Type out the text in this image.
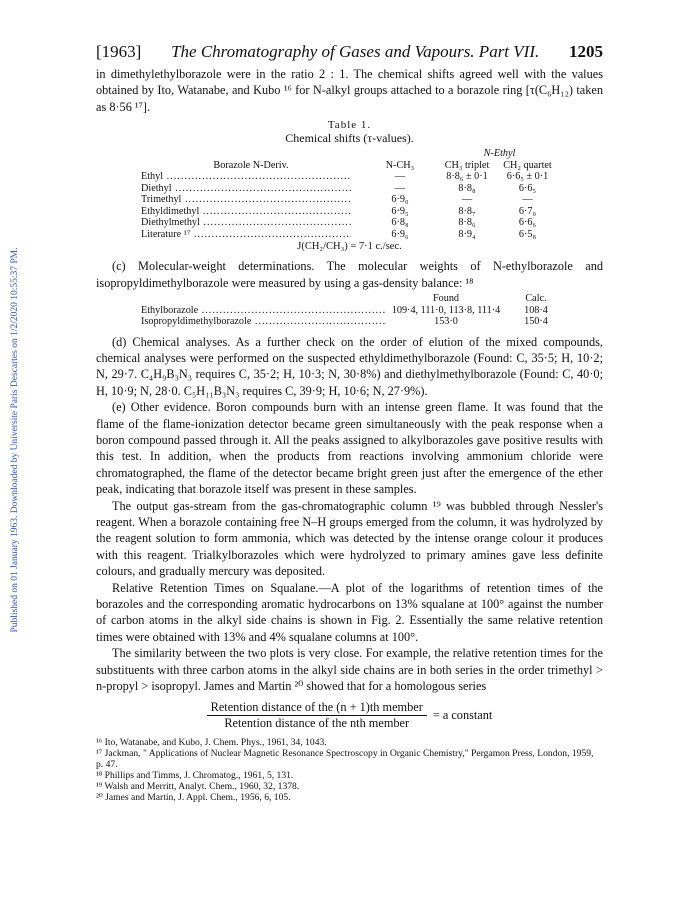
Published on 01 January 1963. Downloaded by Universite Paris Descartes on 1/2/2020 10:55:37 PM.
[1963] The Chromatography of Gases and Vapours. Part VII. 1205

in dimethylethylborazole were in the ratio 2 : 1. The chemical shifts agreed well with the values obtained by Ito, Watanabe, and Kubo ¹⁶ for N-alkyl groups attached to a borazole ring [τ(C₆H₁₂) taken as 8·56 ¹⁷].

Table 1.
Chemical shifts (τ-values).
		N-Ethyl	
Borazole N-Deriv.	N-CH₃	CH₃ triplet	CH₂ quartet

Ethyl .....	—	8·8₆ ± 0·1	6·6₅ ± 0·1

Diethyl .....	—	8·8₈	6·6₅

Trimethyl .....	6·9₀	—	—

Ethyldimethyl .....	6·9₅	8·8₇	6·7₀

Diethylmethyl .....	6·8₈	8·8₆	6·6₆

Literature ¹⁷ .....	6·9₆	8·9₄	6·5₈
J(CH₂/CH₃) = 7·1 c./sec.

(c) Molecular-weight determinations. The molecular weights of N-ethylborazole and isopropyldimethylborazole were measured by using a gas-density balance: ¹⁸

	Found	Calc.

Ethylborazole .....	109·4, 111·0, 113·8, 111·4	108·4

Isopropyldimethylborazole .....	153·0	150·4

(d) Chemical analyses. As a further check on the order of elution of the mixed compounds, chemical analyses were performed on the suspected ethyldimethylborazole (Found: C, 35·5; H, 10·2; N, 29·7. C₄H₉B₃N₃ requires C, 35·2; H, 10·3; N, 30·8%) and diethylmethylborazole (Found: C, 40·0; H, 10·9; N, 28·0. C₅H₁₁B₃N₃ requires C, 39·9; H, 10·6; N, 27·9%).

(e) Other evidence. Boron compounds burn with an intense green flame. It was found that the flame of the flame-ionization detector became green simultaneously with the peak response when a boron compound passed through it. All the peaks assigned to alkylborazoles gave positive results with this test. In addition, when the products from reactions involving ammonium chloride were chromatographed, the flame of the detector became bright green just after the emergence of the ether peak, indicating that borazole itself was present in these samples.

The output gas-stream from the gas-chromatographic column ¹⁹ was bubbled through Nessler's reagent. When a borazole containing free N–H groups emerged from the column, it was hydrolyzed by the reagent solution to form ammonia, which was detected by the intense orange colour it produces with this reagent. Trialkylborazoles which were hydrolyzed to primary amines gave less definite colours, and gradually mercury was deposited.

Relative Retention Times on Squalane.—A plot of the logarithms of retention times of the borazoles and the corresponding aromatic hydrocarbons on 13% squalane at 100° against the number of carbon atoms in the alkyl side chains is shown in Fig. 2. Essentially the same relative retention times were obtained with 13% and 4% squalane columns at 100°.

The similarity between the two plots is very close. For example, the relative retention times for the substituents with three carbon atoms in the alkyl side chains are in both series in the order trimethyl > n-propyl > isopropyl. James and Martin ²⁰ showed that for a homologous series

$\frac{\text{Retention distance of the (n + 1)th member}}{\text{Retention distance of the nth member}} = a$ constant
¹⁶ Ito, Watanabe, and Kubo, J. Chem. Phys., 1961, 34, 1043.
¹⁷ Jackman, " Applications of Nuclear Magnetic Resonance Spectroscopy in Organic Chemistry," Pergamon Press, London, 1959, p. 47.
¹⁸ Phillips and Timms, J. Chromatog., 1961, 5, 131.
¹⁹ Walsh and Merritt, Analyt. Chem., 1960, 32, 1378.
²⁰ James and Martin, J. Appl. Chem., 1956, 6, 105.
